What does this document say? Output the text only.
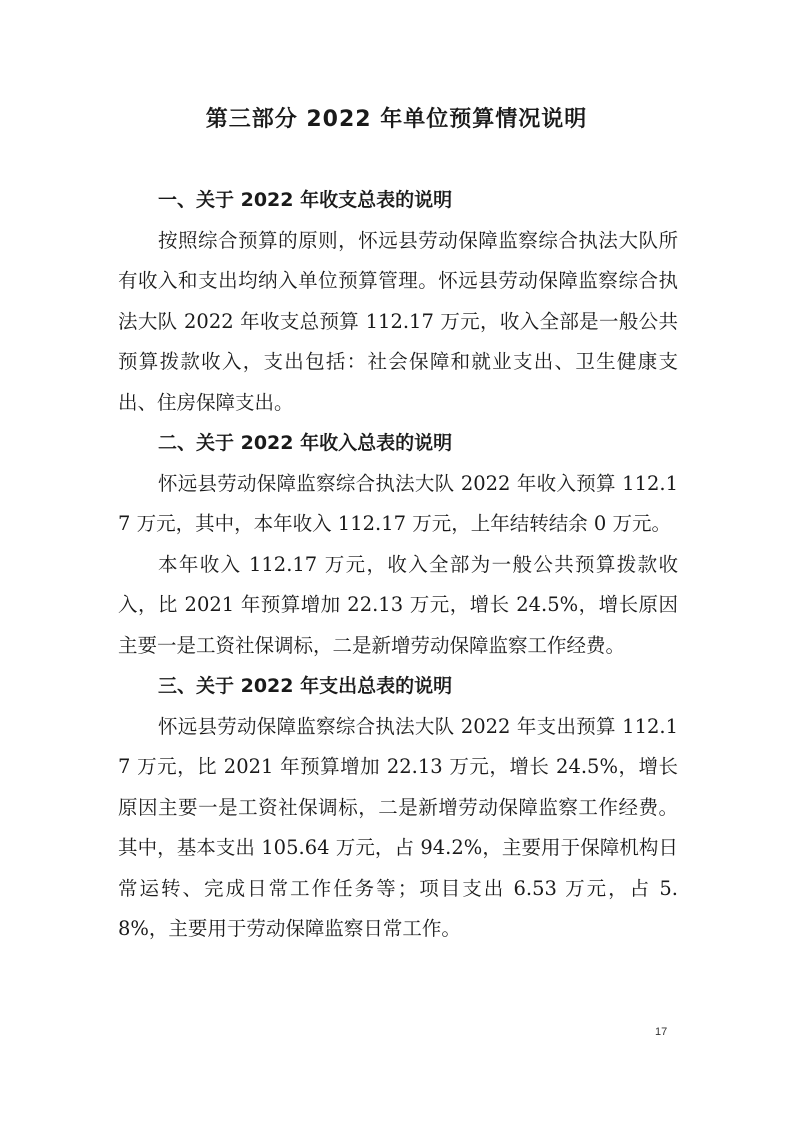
第三部分 2022 年单位预算情况说明

一、关于 2022 年收支总表的说明

按照综合预算的原则，怀远县劳动保障监察综合执法大队所有收入和支出均纳入单位预算管理。怀远县劳动保障监察综合执法大队 2022 年收支总预算 112.17 万元，收入全部是一般公共预算拨款收入，支出包括：社会保障和就业支出、卫生健康支出、住房保障支出。

二、关于 2022 年收入总表的说明

怀远县劳动保障监察综合执法大队 2022 年收入预算 112.17 万元，其中，本年收入 112.17 万元，上年结转结余 0 万元。

本年收入 112.17 万元，收入全部为一般公共预算拨款收入，比 2021 年预算增加 22.13 万元，增长 24.5%，增长原因主要一是工资社保调标，二是新增劳动保障监察工作经费。

三、关于 2022 年支出总表的说明

怀远县劳动保障监察综合执法大队 2022 年支出预算 112.17 万元，比 2021 年预算增加 22.13 万元，增长 24.5%，增长原因主要一是工资社保调标，二是新增劳动保障监察工作经费。其中，基本支出 105.64 万元，占 94.2%，主要用于保障机构日常运转、完成日常工作任务等；项目支出 6.53 万元，占 5.8%，主要用于劳动保障监察日常工作。

17
